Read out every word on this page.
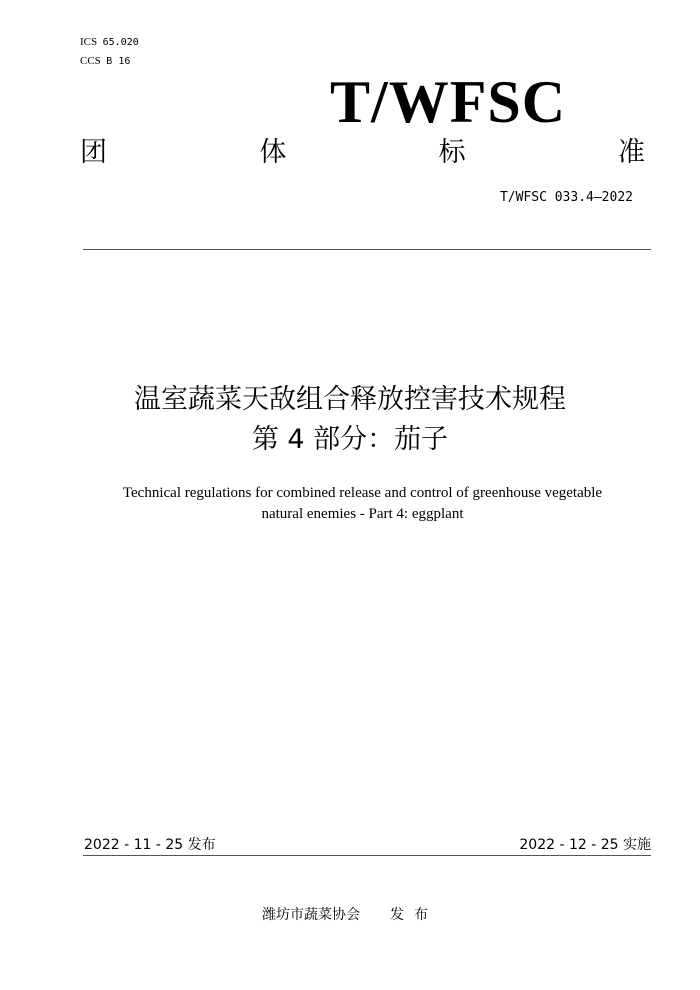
ICS 65.020
CCS B 16
T/WFSC
团	体	标	准
T/WFSC 033.4—2022
温室蔬菜天敌组合释放控害技术规程
第 4 部分：茄子
Technical regulations for combined release and control of greenhouse vegetable
natural enemies - Part 4: eggplant
2022 - 11 - 25 发布	2022 - 12 - 25 实施
潍坊市蔬菜协会 发布
